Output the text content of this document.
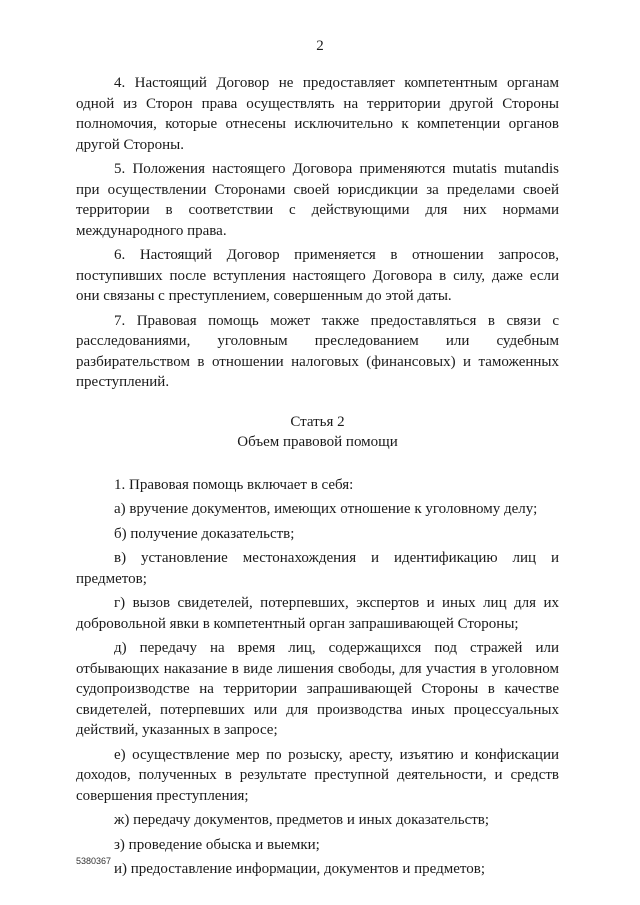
2

4. Настоящий Договор не предоставляет компетентным органам одной из Сторон права осуществлять на территории другой Стороны полномочия, которые отнесены исключительно к компетенции органов другой Стороны.

5. Положения настоящего Договора применяются mutatis mutandis при осуществлении Сторонами своей юрисдикции за пределами своей территории в соответствии с действующими для них нормами международного права.

6. Настоящий Договор применяется в отношении запросов, поступивших после вступления настоящего Договора в силу, даже если они связаны с преступлением, совершенным до этой даты.

7. Правовая помощь может также предоставляться в связи с расследованиями, уголовным преследованием или судебным разбирательством в отношении налоговых (финансовых) и таможенных преступлений.

Статья 2

Объем правовой помощи

1. Правовая помощь включает в себя:

а) вручение документов, имеющих отношение к уголовному делу;

б) получение доказательств;

в) установление местонахождения и идентификацию лиц и предметов;

г) вызов свидетелей, потерпевших, экспертов и иных лиц для их добровольной явки в компетентный орган запрашивающей Стороны;

д) передачу на время лиц, содержащихся под стражей или отбывающих наказание в виде лишения свободы, для участия в уголовном судопроизводстве на территории запрашивающей Стороны в качестве свидетелей, потерпевших или для производства иных процессуальных действий, указанных в запросе;

е) осуществление мер по розыску, аресту, изъятию и конфискации доходов, полученных в результате преступной деятельности, и средств совершения преступления;

ж) передачу документов, предметов и иных доказательств;

з) проведение обыска и выемки;

и) предоставление информации, документов и предметов;

5380367
